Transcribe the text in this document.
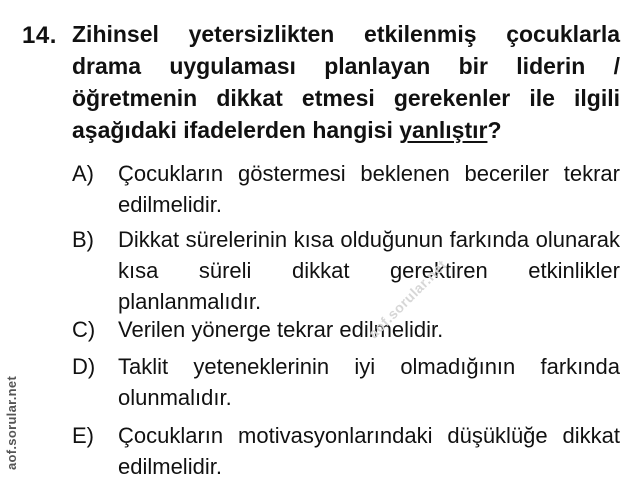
14. Zihinsel yetersizlikten etkilenmiş çocuklarla drama uygulaması planlayan bir liderin / öğretmenin dikkat etmesi gerekenler ile ilgili aşağıdaki ifadelerden hangisi yanlıştır?
A)	Çocukların göstermesi beklenen beceriler tekrar edilmelidir.
B)	Dikkat sürelerinin kısa olduğunun farkında olunarak kısa süreli dikkat gerektiren etkinlikler planlanmalıdır.
C)	Verilen yönerge tekrar edilmelidir.
D)	Taklit yeteneklerinin iyi olmadığının farkında olunmalıdır.
E)	Çocukların motivasyonlarındaki düşüklüğe dikkat edilmelidir.
aof.sorular.net
aof.sorular.net
